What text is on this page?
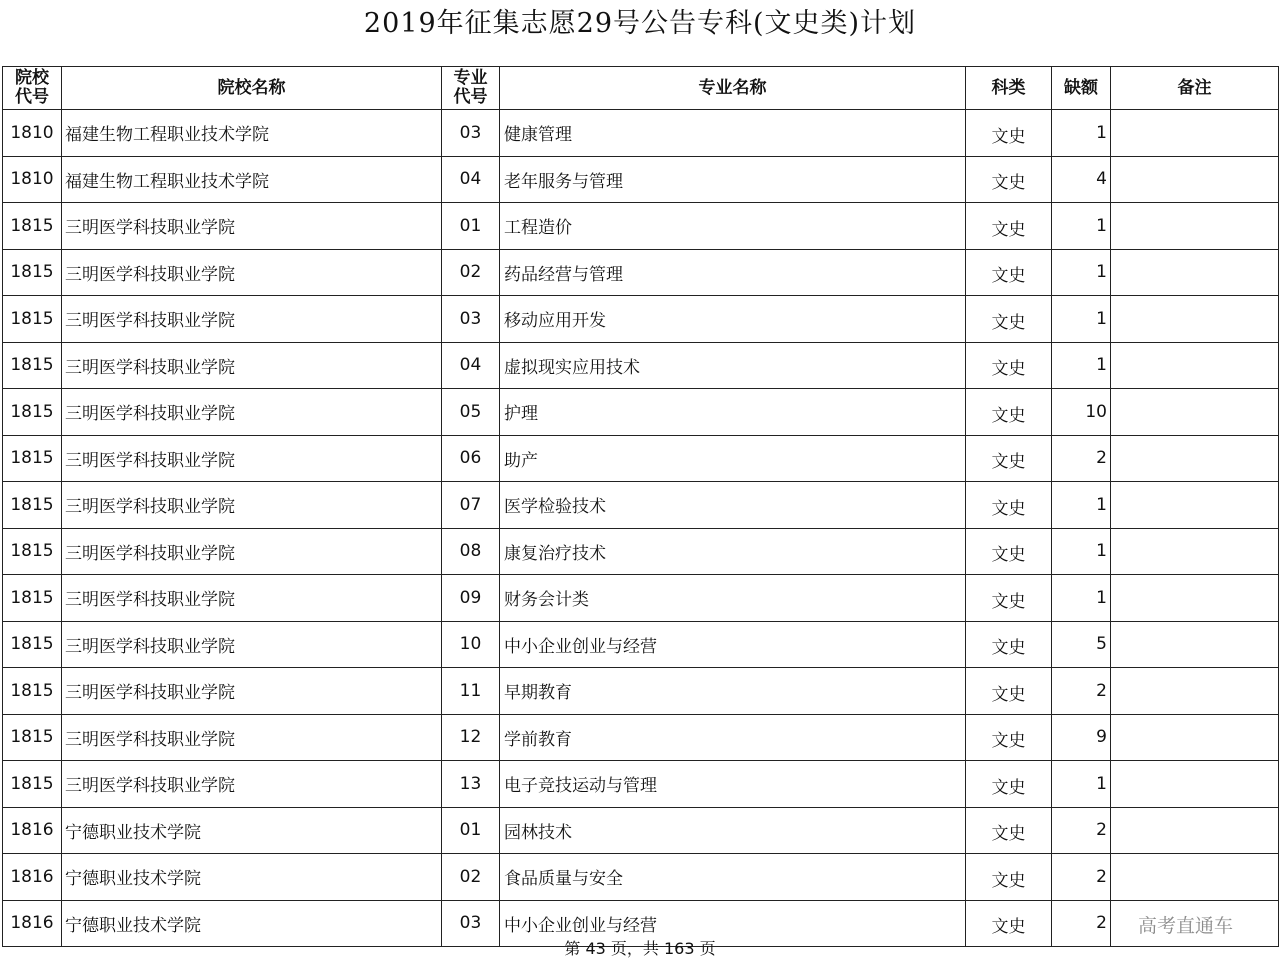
2019年征集志愿29号公告专科(文史类)计划
院校代号	院校名称	专业代号	专业名称	科类	缺额	备注
1810	福建生物工程职业技术学院	03	健康管理	文史	1	
1810	福建生物工程职业技术学院	04	老年服务与管理	文史	4	
1815	三明医学科技职业学院	01	工程造价	文史	1	
1815	三明医学科技职业学院	02	药品经营与管理	文史	1	
1815	三明医学科技职业学院	03	移动应用开发	文史	1	
1815	三明医学科技职业学院	04	虚拟现实应用技术	文史	1	
1815	三明医学科技职业学院	05	护理	文史	10	
1815	三明医学科技职业学院	06	助产	文史	2	
1815	三明医学科技职业学院	07	医学检验技术	文史	1	
1815	三明医学科技职业学院	08	康复治疗技术	文史	1	
1815	三明医学科技职业学院	09	财务会计类	文史	1	
1815	三明医学科技职业学院	10	中小企业创业与经营	文史	5	
1815	三明医学科技职业学院	11	早期教育	文史	2	
1815	三明医学科技职业学院	12	学前教育	文史	9	
1815	三明医学科技职业学院	13	电子竞技运动与管理	文史	1	
1816	宁德职业技术学院	01	园林技术	文史	2	
1816	宁德职业技术学院	02	食品质量与安全	文史	2	
1816	宁德职业技术学院	03	中小企业创业与经营	文史	2	高考直通车
第 43 页，共 163 页
